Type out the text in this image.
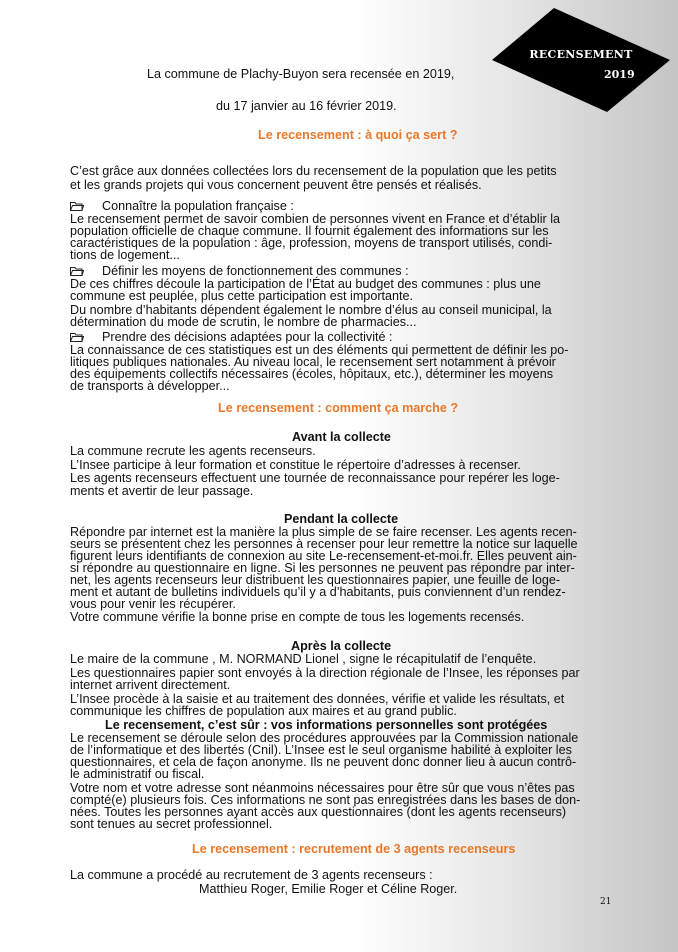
RECENSEMENT
2019
La commune de Plachy-Buyon sera recensée en 2019,
du 17 janvier au 16 février 2019.
Le recensement : à quoi ça sert ?
C’est grâce aux données collectées lors du recensement de la population que les petits
et les grands projets qui vous concernent peuvent être pensés et réalisés.
Connaître la population française :
Le recensement permet de savoir combien de personnes vivent en France et d’établir la
population officielle de chaque commune. Il fournit également des informations sur les
caractéristiques de la population : âge, profession, moyens de transport utilisés, condi-
tions de logement...
Définir les moyens de fonctionnement des communes :
De ces chiffres découle la participation de l’État au budget des communes : plus une
commune est peuplée, plus cette participation est importante.
Du nombre d’habitants dépendent également le nombre d’élus au conseil municipal, la
détermination du mode de scrutin, le nombre de pharmacies...
Prendre des décisions adaptées pour la collectivité :
La connaissance de ces statistiques est un des éléments qui permettent de définir les po-
litiques publiques nationales. Au niveau local, le recensement sert notamment à prévoir
des équipements collectifs nécessaires (écoles, hôpitaux, etc.), déterminer les moyens
de transports à développer...
Le recensement : comment ça marche ?
Avant la collecte
La commune recrute les agents recenseurs.
L’Insee participe à leur formation et constitue le répertoire d’adresses à recenser.
Les agents recenseurs effectuent une tournée de reconnaissance pour repérer les loge-
ments et avertir de leur passage.
Pendant la collecte
Répondre par internet est la manière la plus simple de se faire recenser. Les agents recen-
seurs se présentent chez les personnes à recenser pour leur remettre la notice sur laquelle
figurent leurs identifiants de connexion au site Le-recensement-et-moi.fr. Elles peuvent ain-
si répondre au questionnaire en ligne. Si les personnes ne peuvent pas répondre par inter-
net, les agents recenseurs leur distribuent les questionnaires papier, une feuille de loge-
ment et autant de bulletins individuels qu’il y a d’habitants, puis conviennent d’un rendez-
vous pour venir les récupérer.
Votre commune vérifie la bonne prise en compte de tous les logements recensés.
Après la collecte
Le maire de la commune , M. NORMAND Lionel , signe le récapitulatif de l’enquête.
Les questionnaires papier sont envoyés à la direction régionale de l’Insee, les réponses par
internet arrivent directement.
L’Insee procède à la saisie et au traitement des données, vérifie et valide les résultats, et
communique les chiffres de population aux maires et au grand public.
Le recensement, c’est sûr : vos informations personnelles sont protégées
Le recensement se déroule selon des procédures approuvées par la Commission nationale
de l’informatique et des libertés (Cnil). L’Insee est le seul organisme habilité à exploiter les
questionnaires, et cela de façon anonyme. Ils ne peuvent donc donner lieu à aucun contrô-
le administratif ou fiscal.
Votre nom et votre adresse sont néanmoins nécessaires pour être sûr que vous n’êtes pas
compté(e) plusieurs fois. Ces informations ne sont pas enregistrées dans les bases de don-
nées. Toutes les personnes ayant accès aux questionnaires (dont les agents recenseurs)
sont tenues au secret professionnel.
Le recensement : recrutement de 3 agents recenseurs
La commune a procédé au recrutement de 3 agents recenseurs :
Matthieu Roger, Emilie Roger et Céline Roger.
21
